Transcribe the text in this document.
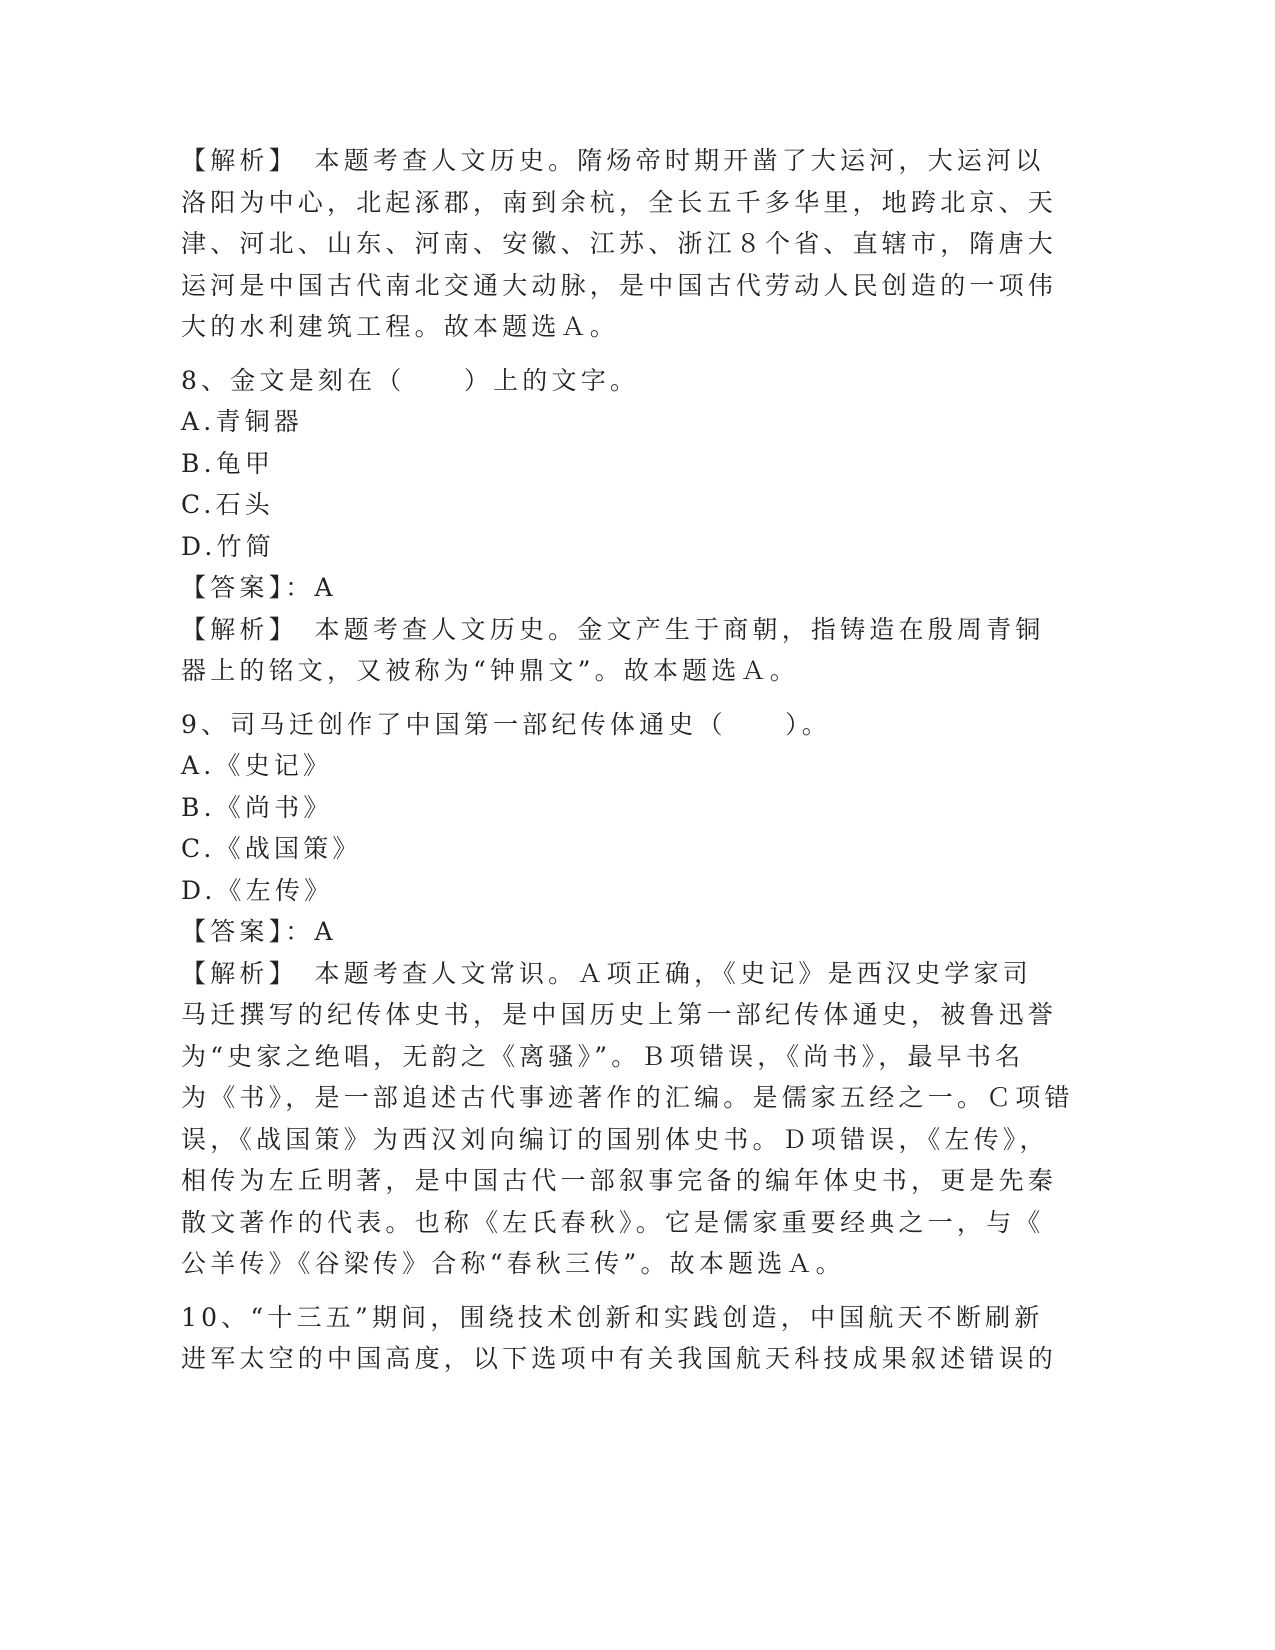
【解析】　本题考查人文历史。隋炀帝时期开凿了大运河，大运河以
洛阳为中心，北起涿郡，南到余杭，全长五千多华里，地跨北京、天
津、河北、山东、河南、安徽、江苏、浙江８个省、直辖市，隋唐大
运河是中国古代南北交通大动脉，是中国古代劳动人民创造的一项伟
大的水利建筑工程。故本题选Ａ。
8、金文是刻在（　　）上的文字。
A.青铜器
B.龟甲
C.石头
D.竹简
【答案】：A
【解析】　本题考查人文历史。金文产生于商朝，指铸造在殷周青铜
器上的铭文，又被称为“钟鼎文”。故本题选Ａ。
9、司马迁创作了中国第一部纪传体通史（　　）。
A.《史记》
B.《尚书》
C.《战国策》
D.《左传》
【答案】：A
【解析】　本题考查人文常识。Ａ项正确，《史记》是西汉史学家司
马迁撰写的纪传体史书，是中国历史上第一部纪传体通史，被鲁迅誉
为“史家之绝唱，无韵之《离骚》”。Ｂ项错误，《尚书》，最早书名
为《书》，是一部追述古代事迹著作的汇编。是儒家五经之一。Ｃ项错
误，《战国策》为西汉刘向编订的国别体史书。Ｄ项错误，《左传》，
相传为左丘明著，是中国古代一部叙事完备的编年体史书，更是先秦
散文著作的代表。也称《左氏春秋》。它是儒家重要经典之一，与《
公羊传》《谷梁传》合称“春秋三传”。故本题选Ａ。
10、“十三五”期间，围绕技术创新和实践创造，中国航天不断刷新
进军太空的中国高度，以下选项中有关我国航天科技成果叙述错误的
